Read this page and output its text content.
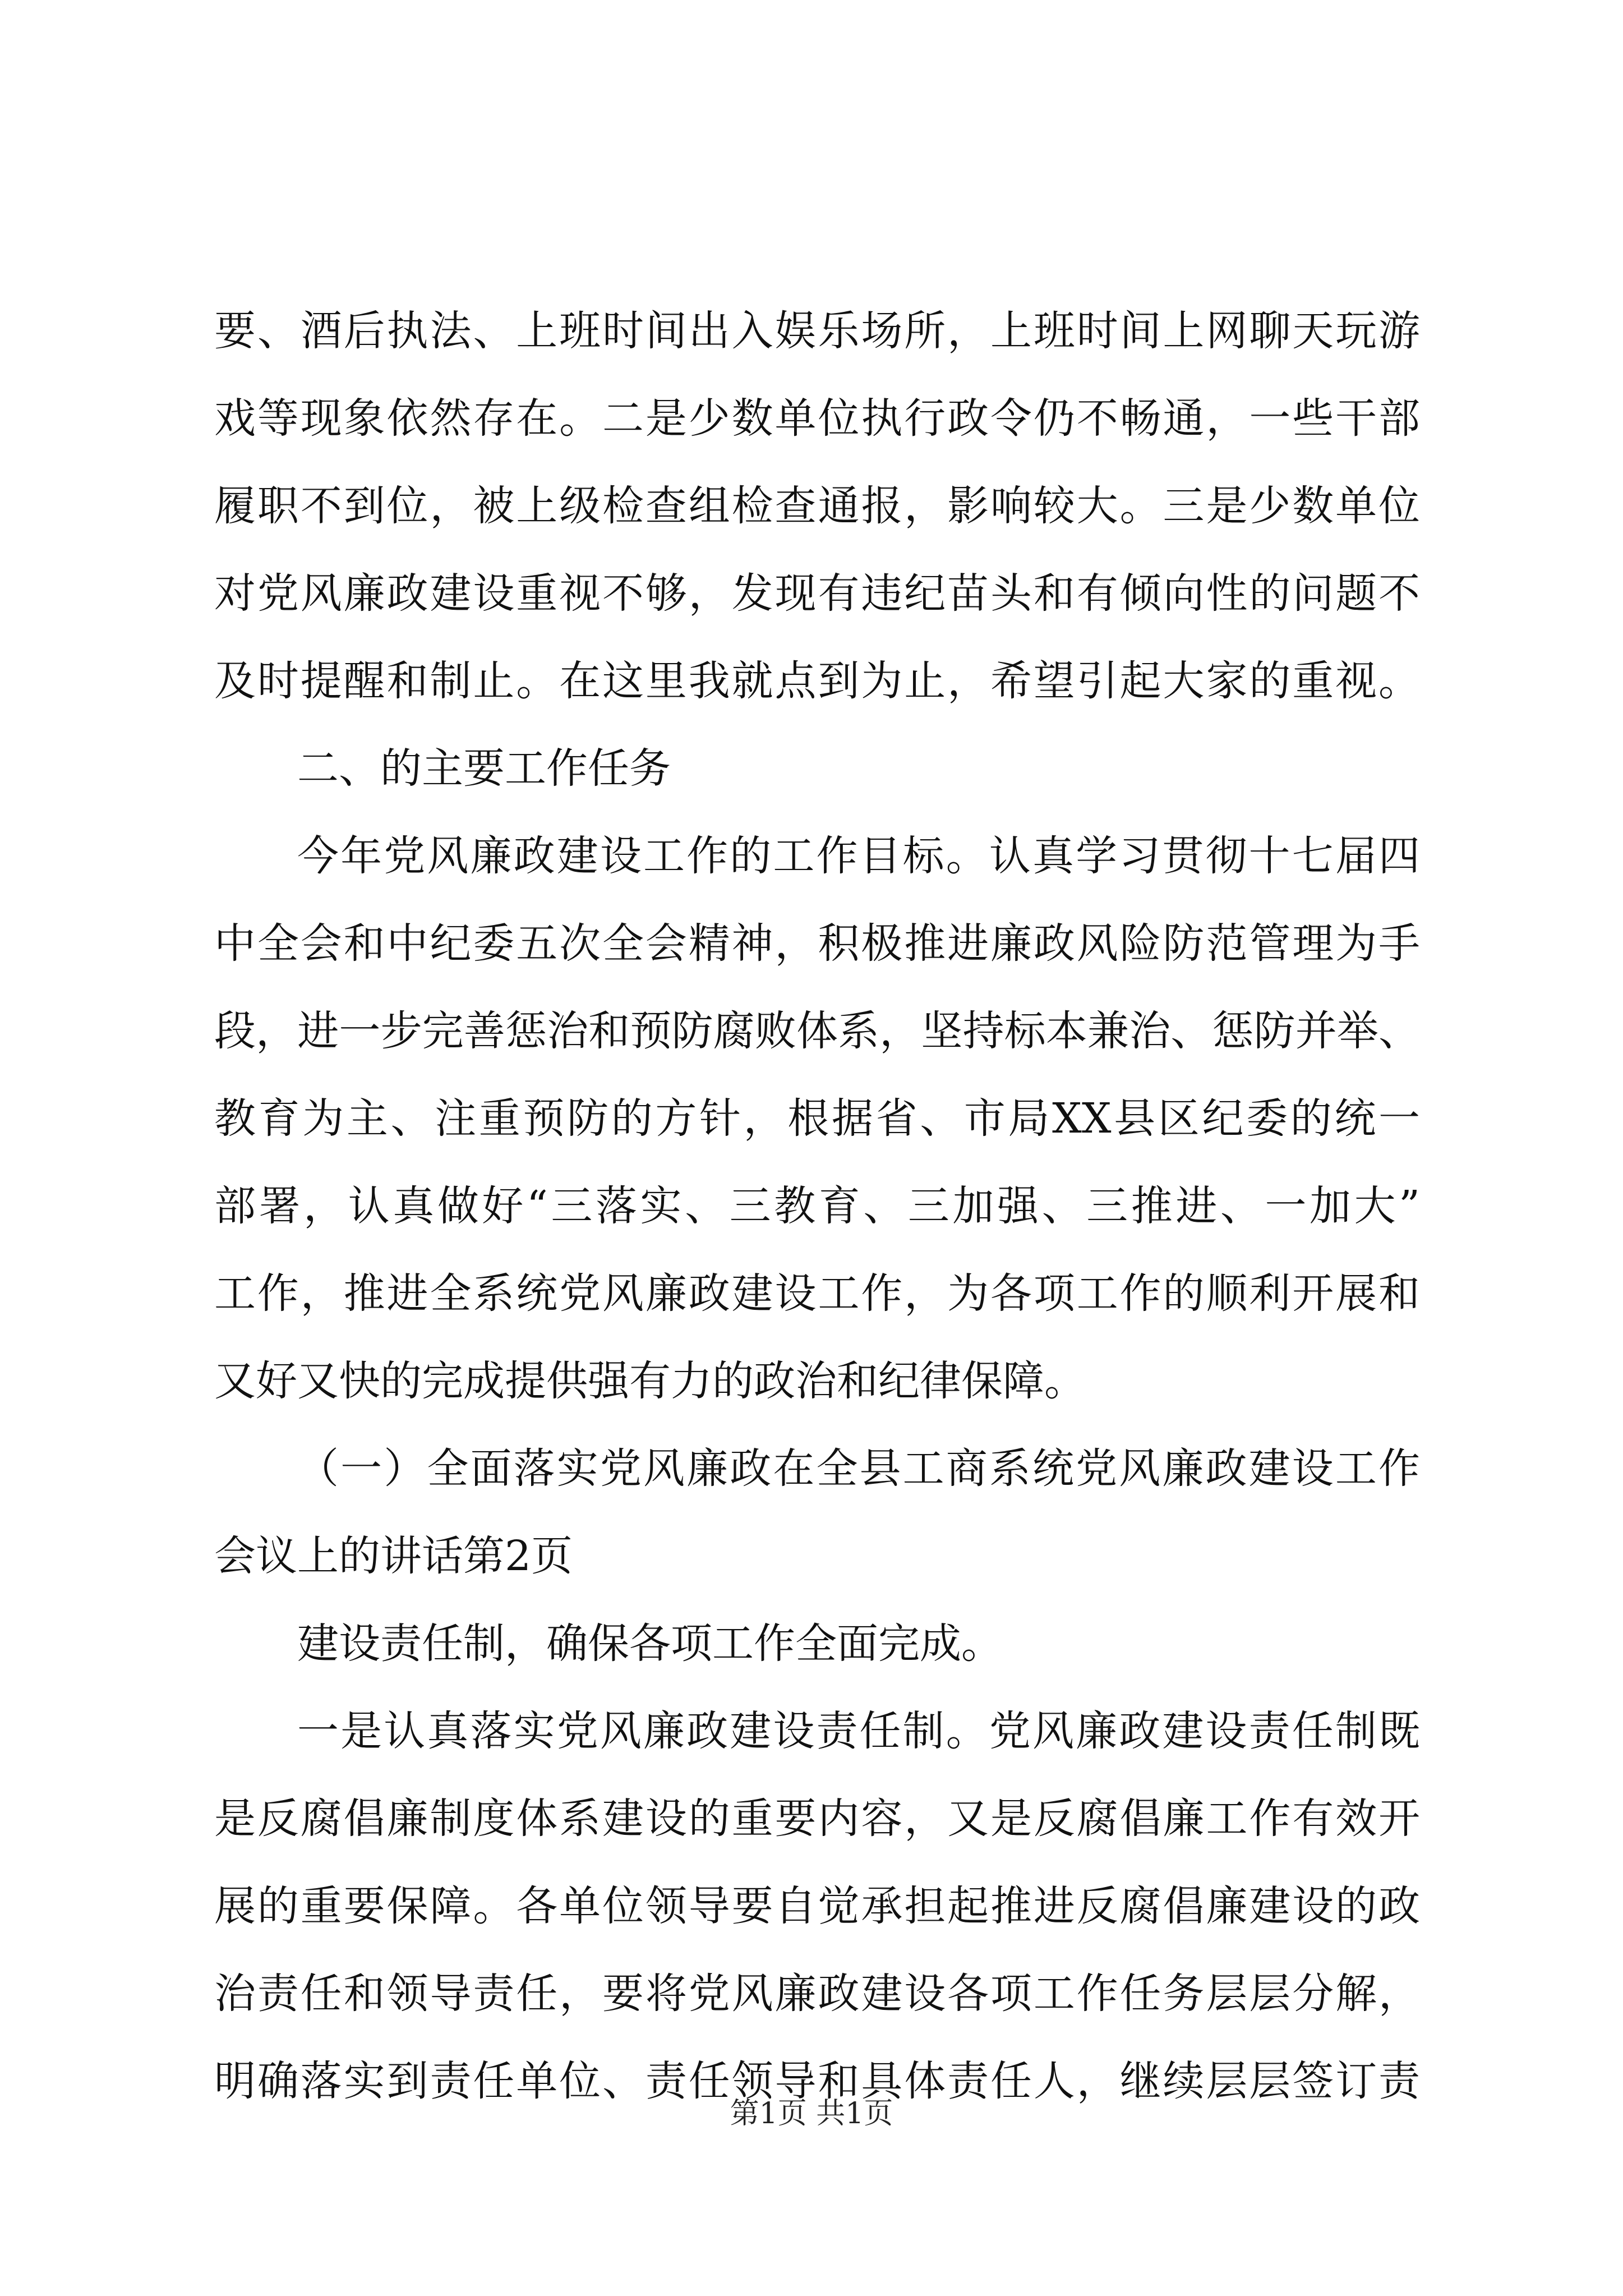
要、酒后执法、上班时间出入娱乐场所，上班时间上网聊天玩游
戏等现象依然存在。二是少数单位执行政令仍不畅通，一些干部
履职不到位，被上级检查组检查通报，影响较大。三是少数单位
对党风廉政建设重视不够，发现有违纪苗头和有倾向性的问题不
及时提醒和制止。在这里我就点到为止，希望引起大家的重视。
二、的主要工作任务
今年党风廉政建设工作的工作目标。认真学习贯彻十七届四
中全会和中纪委五次全会精神，积极推进廉政风险防范管理为手
段，进一步完善惩治和预防腐败体系，坚持标本兼治、惩防并举、
教育为主、注重预防的方针，根据省、市局XX县区纪委的统一
部署，认真做好“三落实、三教育、三加强、三推进、一加大”
工作，推进全系统党风廉政建设工作，为各项工作的顺利开展和
又好又快的完成提供强有力的政治和纪律保障。
（一）全面落实党风廉政在全县工商系统党风廉政建设工作
会议上的讲话第2页
建设责任制，确保各项工作全面完成。
一是认真落实党风廉政建设责任制。党风廉政建设责任制既
是反腐倡廉制度体系建设的重要内容，又是反腐倡廉工作有效开
展的重要保障。各单位领导要自觉承担起推进反腐倡廉建设的政
治责任和领导责任，要将党风廉政建设各项工作任务层层分解，
明确落实到责任单位、责任领导和具体责任人，继续层层签订责
第1页 共1页
